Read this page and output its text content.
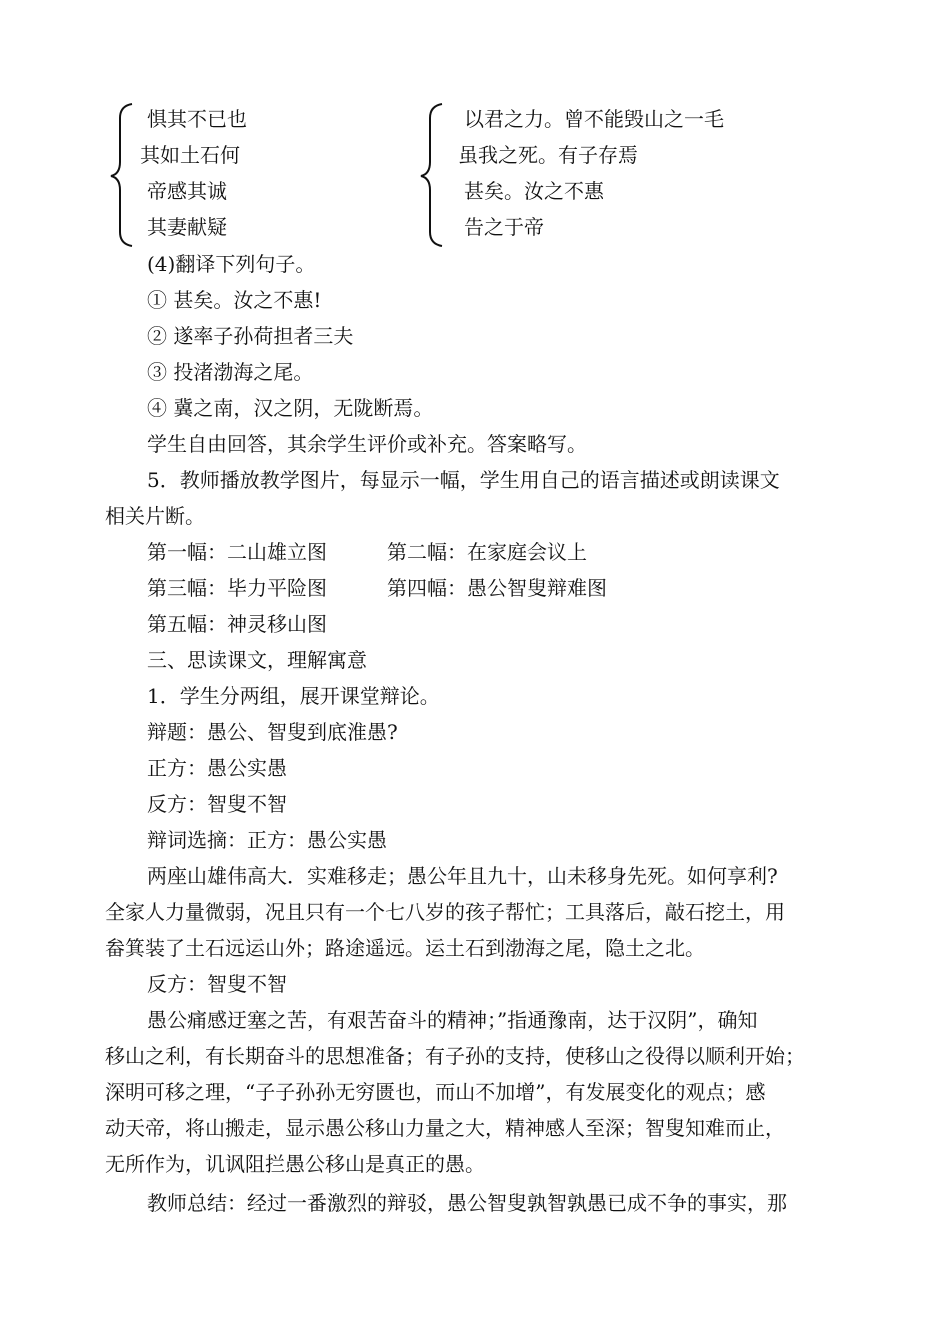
惧其不已也
其如土石何
帝感其诚
其妻献疑
以君之力。曾不能毁山之一毛
虽我之死。有子存焉
甚矣。汝之不惠
告之于帝
(4)翻译下列句子。
① 甚矣。汝之不惠!
② 遂率子孙荷担者三夫
③ 投渚渤海之尾。
④ 冀之南，汉之阴，无陇断焉。
学生自由回答，其余学生评价或补充。答案略写。
5．教师播放教学图片，每显示一幅，学生用自己的语言描述或朗读课文
相关片断。
第一幅：二山雄立图	第二幅：在家庭会议上
第三幅：毕力平险图	第四幅：愚公智叟辩难图
第五幅：神灵移山图
三、思读课文，理解寓意
1．学生分两组，展开课堂辩论。
辩题：愚公、智叟到底淮愚?
正方：愚公实愚
反方：智叟不智
辩词选摘：正方：愚公实愚
两座山雄伟高大．实难移走；愚公年且九十，山未移身先死。如何享利?
全家人力量微弱，况且只有一个七八岁的孩子帮忙；工具落后，敲石挖土，用
畚箕装了土石远运山外；路途遥远。运土石到渤海之尾，隐土之北。
反方：智叟不智
愚公痛感迂塞之苦，有艰苦奋斗的精神；”指通豫南，达于汉阴”，确知
移山之利，有长期奋斗的思想准备；有子孙的支持，使移山之役得以顺利开始；
深明可移之理，“子子孙孙无穷匮也，而山不加增”，有发展变化的观点；感
动天帝，将山搬走，显示愚公移山力量之大，精神感人至深；智叟知难而止，
无所作为，讥讽阻拦愚公移山是真正的愚。
教师总结：经过一番激烈的辩驳，愚公智叟孰智孰愚已成不争的事实，那
